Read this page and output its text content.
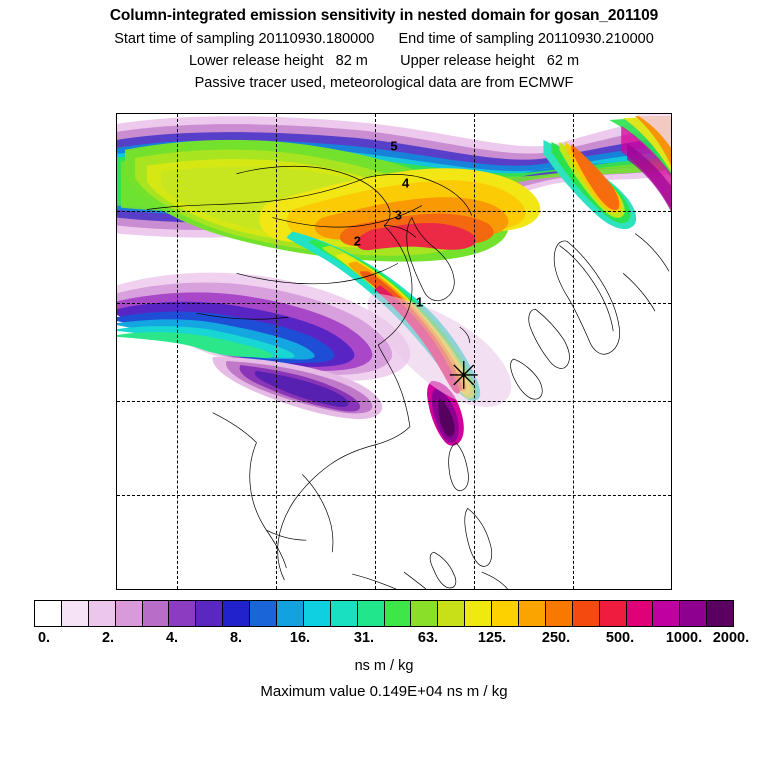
Column-integrated emission sensitivity in nested domain for gosan_201109
Start time of sampling 20110930.180000      End time of sampling 20110930.210000
Lower release height   82 m        Upper release height   62 m
Passive tracer used, meteorological data are from ECMWF
1
2
3
4
5
0.	2.	4.	8.	16.	31.	63.	125. 250. 500. 1000. 2000.
ns m / kg
Maximum value 0.149E+04 ns m / kg
